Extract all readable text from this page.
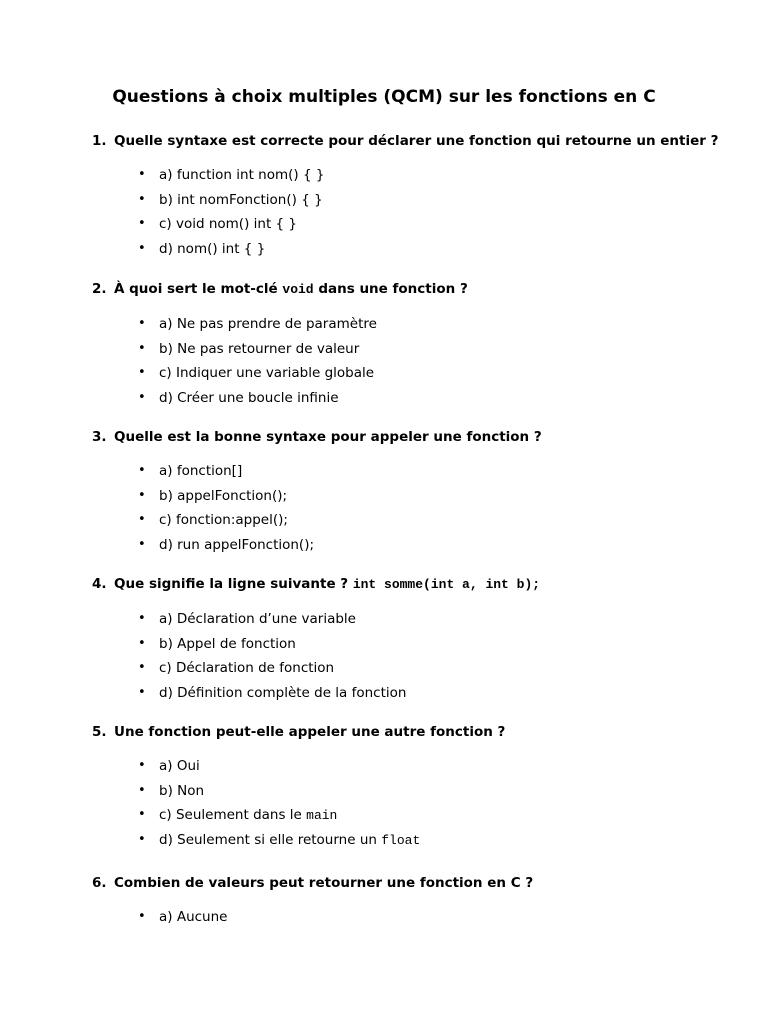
Questions à choix multiples (QCM) sur les fonctions en C

1. Quelle syntaxe est correcte pour déclarer une fonction qui retourne un entier ?

• a) function int nom() { }
• b) int nomFonction() { }
• c) void nom() int { }
• d) nom() int { }

2. À quoi sert le mot-clé void dans une fonction ?

• a) Ne pas prendre de paramètre
• b) Ne pas retourner de valeur
• c) Indiquer une variable globale
• d) Créer une boucle infinie

3. Quelle est la bonne syntaxe pour appeler une fonction ?

• a) fonction[]
• b) appelFonction();
• c) fonction:appel();
• d) run appelFonction();

4. Que signifie la ligne suivante ? int somme(int a, int b);

• a) Déclaration d’une variable
• b) Appel de fonction
• c) Déclaration de fonction
• d) Définition complète de la fonction

5. Une fonction peut-elle appeler une autre fonction ?

• a) Oui
• b) Non
• c) Seulement dans le main
• d) Seulement si elle retourne un float

6. Combien de valeurs peut retourner une fonction en C ?

• a) Aucune
